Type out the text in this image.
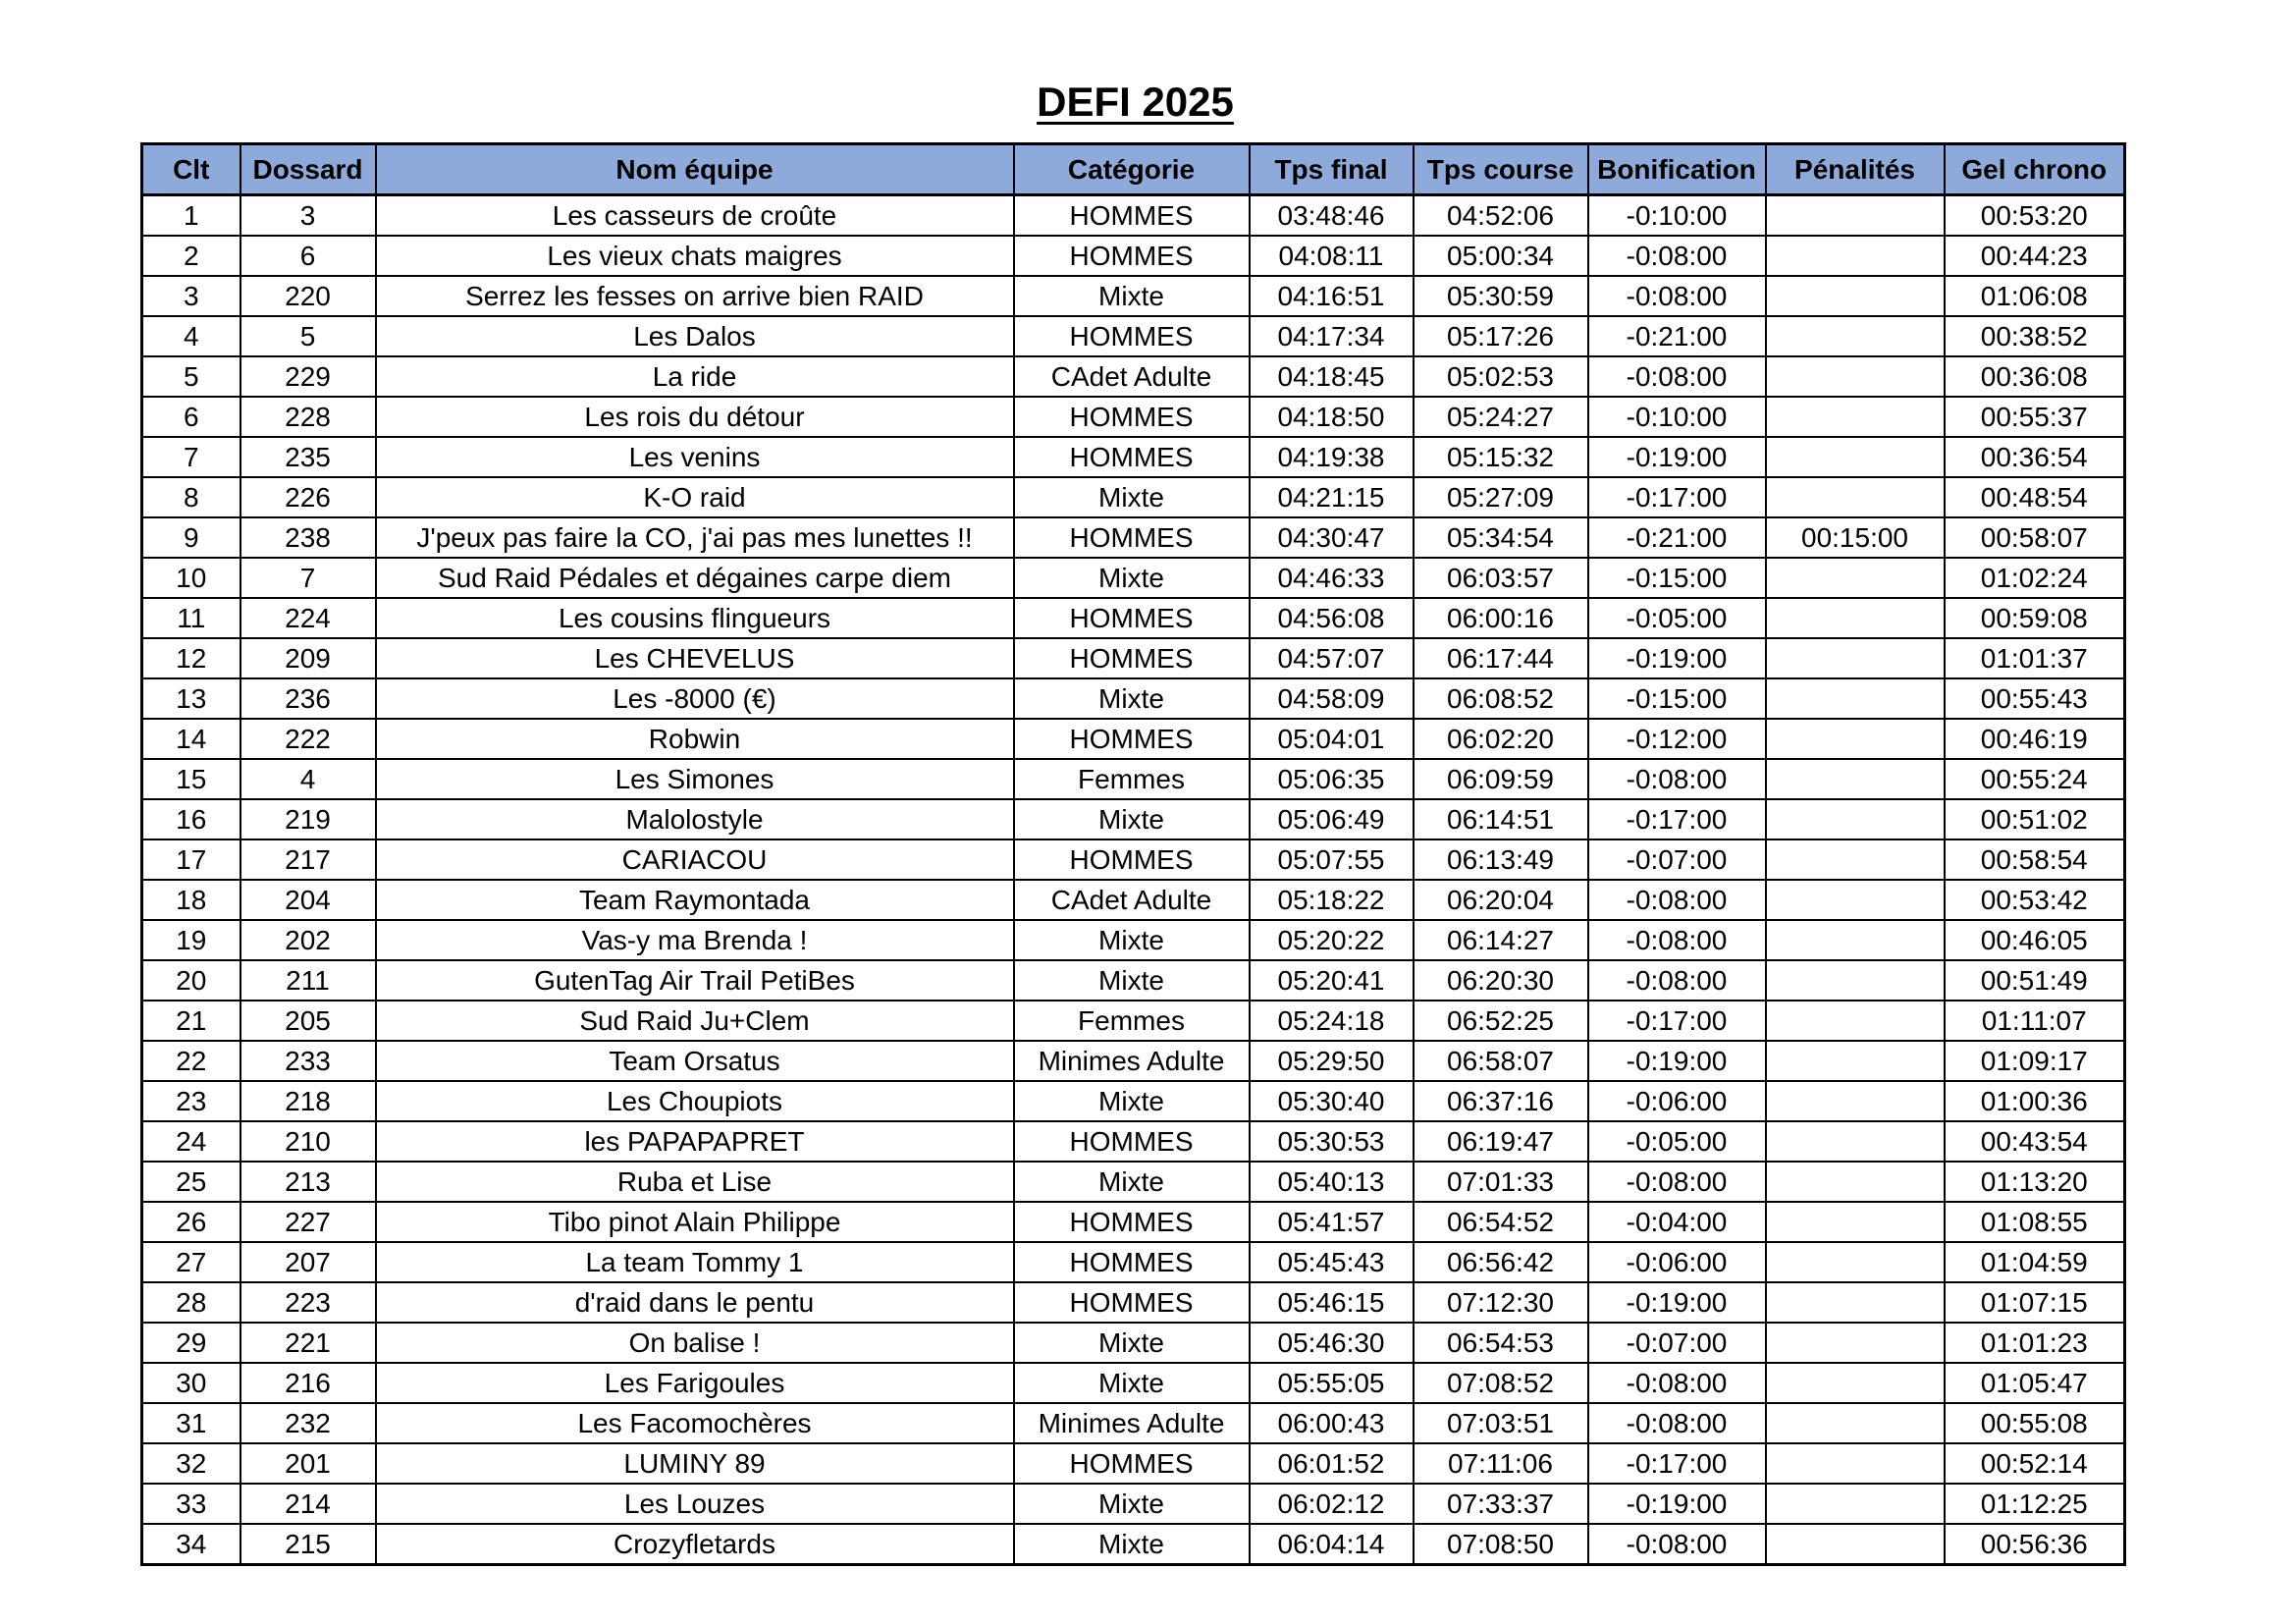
DEFI 2025
Clt	Dossard	Nom équipe	Catégorie	Tps final	Tps course	Bonification	Pénalités	Gel chrono
1	3	Les casseurs de croûte	HOMMES	03:48:46	04:52:06	-0:10:00		00:53:20
2	6	Les vieux chats maigres	HOMMES	04:08:11	05:00:34	-0:08:00		00:44:23
3	220	Serrez les fesses on arrive bien RAID	Mixte	04:16:51	05:30:59	-0:08:00		01:06:08
4	5	Les Dalos	HOMMES	04:17:34	05:17:26	-0:21:00		00:38:52
5	229	La ride	CAdet Adulte	04:18:45	05:02:53	-0:08:00		00:36:08
6	228	Les rois du détour	HOMMES	04:18:50	05:24:27	-0:10:00		00:55:37
7	235	Les venins	HOMMES	04:19:38	05:15:32	-0:19:00		00:36:54
8	226	K-O raid	Mixte	04:21:15	05:27:09	-0:17:00		00:48:54
9	238	J'peux pas faire la CO, j'ai pas mes lunettes !!	HOMMES	04:30:47	05:34:54	-0:21:00	00:15:00	00:58:07
10	7	Sud Raid Pédales et dégaines carpe diem	Mixte	04:46:33	06:03:57	-0:15:00		01:02:24
11	224	Les cousins flingueurs	HOMMES	04:56:08	06:00:16	-0:05:00		00:59:08
12	209	Les CHEVELUS	HOMMES	04:57:07	06:17:44	-0:19:00		01:01:37
13	236	Les -8000 (€)	Mixte	04:58:09	06:08:52	-0:15:00		00:55:43
14	222	Robwin	HOMMES	05:04:01	06:02:20	-0:12:00		00:46:19
15	4	Les Simones	Femmes	05:06:35	06:09:59	-0:08:00		00:55:24
16	219	Malolostyle	Mixte	05:06:49	06:14:51	-0:17:00		00:51:02
17	217	CARIACOU	HOMMES	05:07:55	06:13:49	-0:07:00		00:58:54
18	204	Team Raymontada	CAdet Adulte	05:18:22	06:20:04	-0:08:00		00:53:42
19	202	Vas-y ma Brenda !	Mixte	05:20:22	06:14:27	-0:08:00		00:46:05
20	211	GutenTag Air Trail PetiBes	Mixte	05:20:41	06:20:30	-0:08:00		00:51:49
21	205	Sud Raid Ju+Clem	Femmes	05:24:18	06:52:25	-0:17:00		01:11:07
22	233	Team Orsatus	Minimes Adulte	05:29:50	06:58:07	-0:19:00		01:09:17
23	218	Les Choupiots	Mixte	05:30:40	06:37:16	-0:06:00		01:00:36
24	210	les PAPAPAPRET	HOMMES	05:30:53	06:19:47	-0:05:00		00:43:54
25	213	Ruba et Lise	Mixte	05:40:13	07:01:33	-0:08:00		01:13:20
26	227	Tibo pinot Alain Philippe	HOMMES	05:41:57	06:54:52	-0:04:00		01:08:55
27	207	La team Tommy 1	HOMMES	05:45:43	06:56:42	-0:06:00		01:04:59
28	223	d'raid dans le pentu	HOMMES	05:46:15	07:12:30	-0:19:00		01:07:15
29	221	On balise !	Mixte	05:46:30	06:54:53	-0:07:00		01:01:23
30	216	Les Farigoules	Mixte	05:55:05	07:08:52	-0:08:00		01:05:47
31	232	Les Facomochères	Minimes Adulte	06:00:43	07:03:51	-0:08:00		00:55:08
32	201	LUMINY 89	HOMMES	06:01:52	07:11:06	-0:17:00		00:52:14
33	214	Les Louzes	Mixte	06:02:12	07:33:37	-0:19:00		01:12:25
34	215	Crozyfletards	Mixte	06:04:14	07:08:50	-0:08:00		00:56:36
